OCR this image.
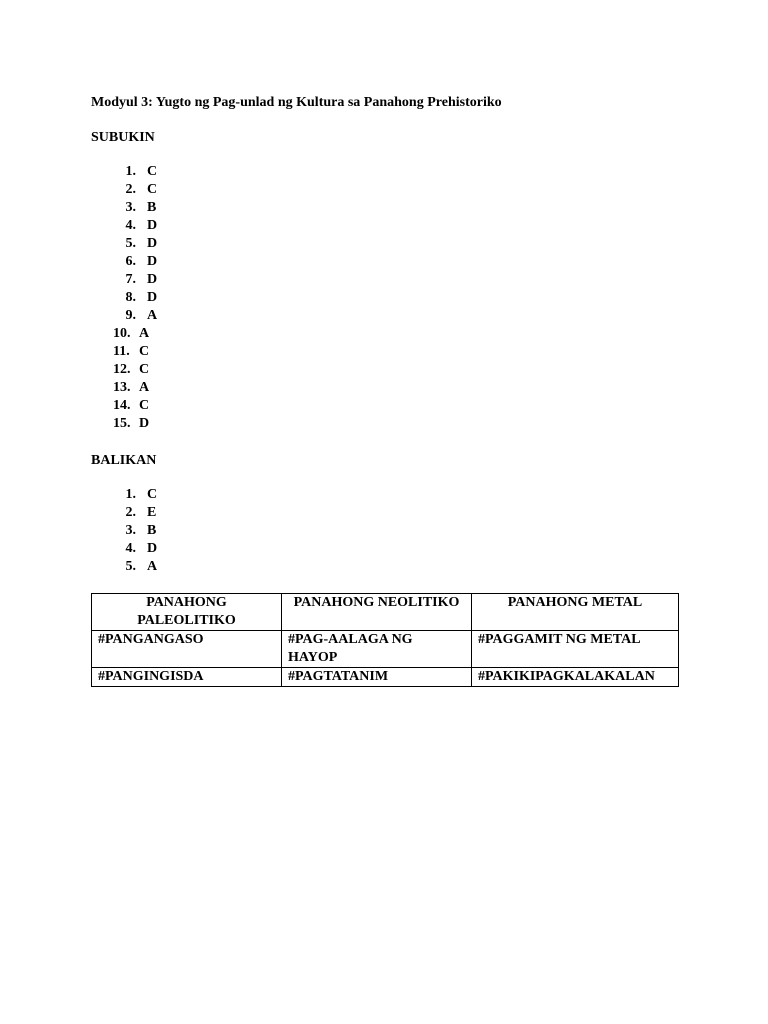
Modyul 3: Yugto ng Pag-unlad ng Kultura sa Panahong Prehistoriko
SUBUKIN
1. C
2. C
3. B
4. D
5. D
6. D
7. D
8. D
9. A
10. A
11. C
12. C
13. A
14. C
15. D
BALIKAN
1. C
2. E
3. B
4. D
5. A
PANAHONG PALEOLITIKO	PANAHONG NEOLITIKO	PANAHONG METAL
#PANGANGASO	#PAG-AALAGA NG HAYOP	#PAGGAMIT NG METAL
#PANGINGISDA	#PAGTATANIM	#PAKIKIPAGKALAKALAN
